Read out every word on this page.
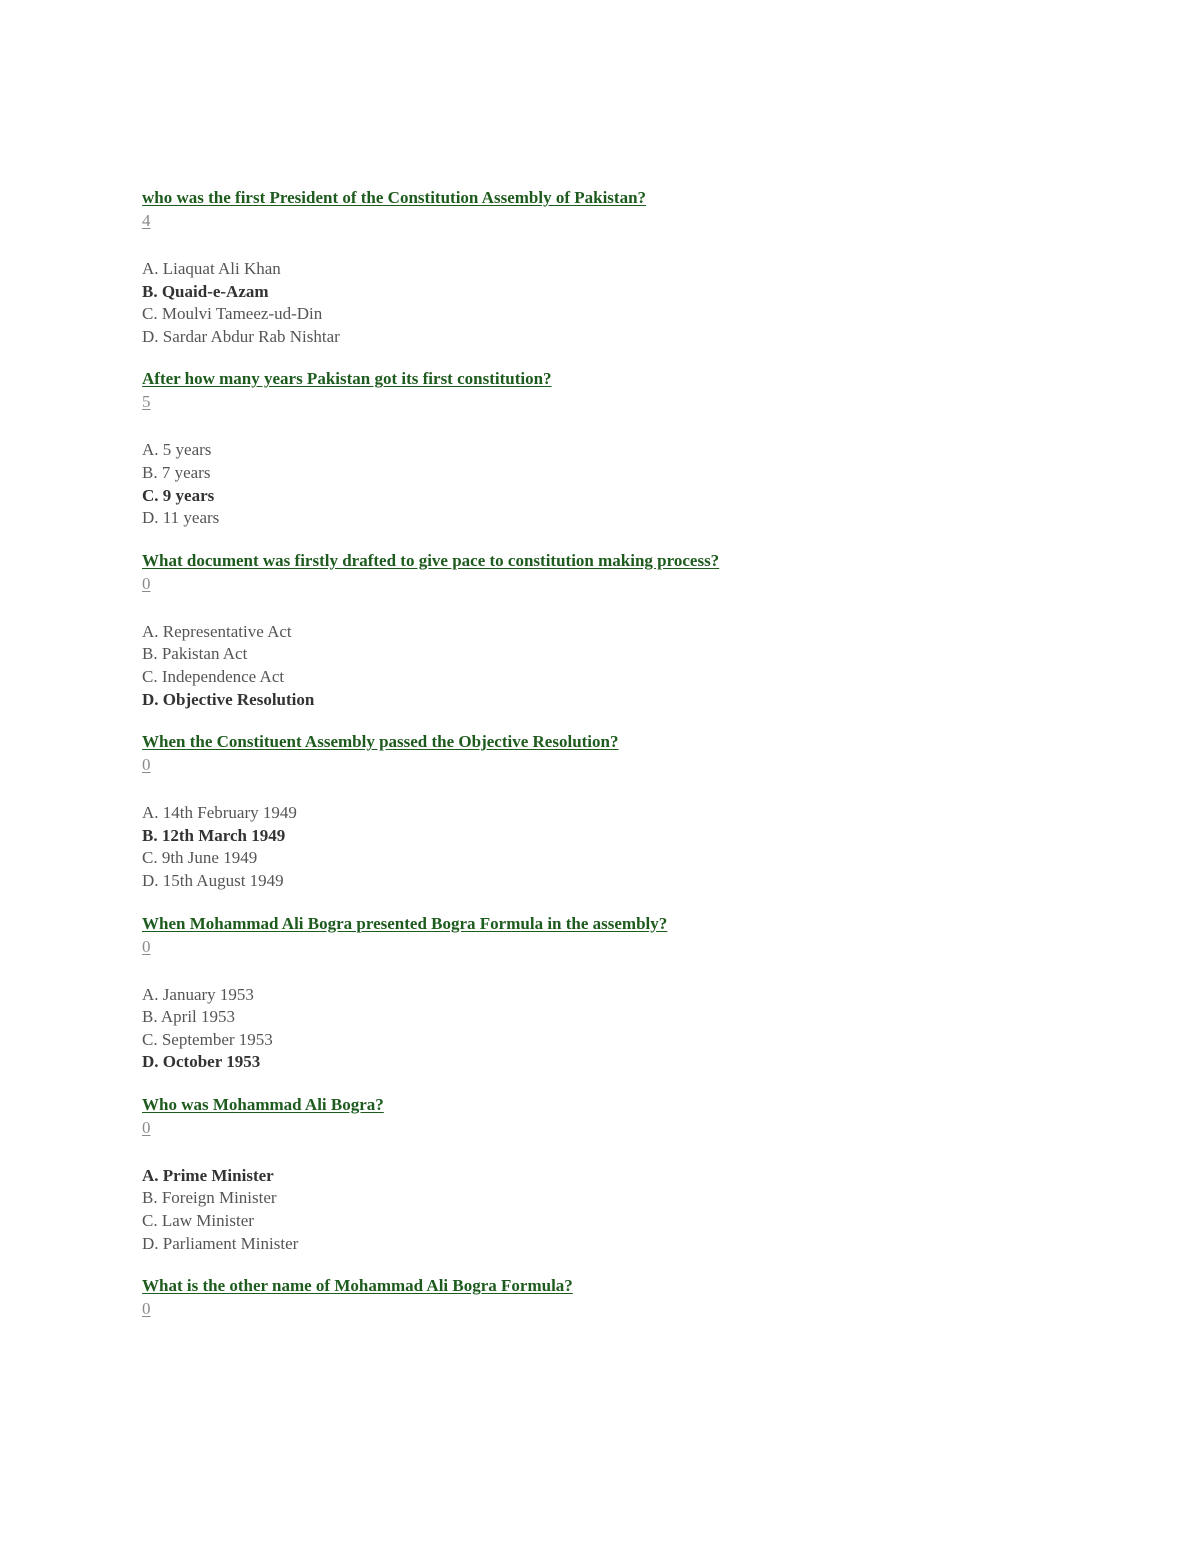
who was the first President of the Constitution Assembly of Pakistan?
4
A. Liaquat Ali Khan
B. Quaid-e-Azam
C. Moulvi Tameez-ud-Din
D. Sardar Abdur Rab Nishtar
After how many years Pakistan got its first constitution?
5
A. 5 years
B. 7 years
C. 9 years
D. 11 years
What document was firstly drafted to give pace to constitution making process?
0
A. Representative Act
B. Pakistan Act
C. Independence Act
D. Objective Resolution
When the Constituent Assembly passed the Objective Resolution?
0
A. 14th February 1949
B. 12th March 1949
C. 9th June 1949
D. 15th August 1949
When Mohammad Ali Bogra presented Bogra Formula in the assembly?
0
A. January 1953
B. April 1953
C. September 1953
D. October 1953
Who was Mohammad Ali Bogra?
0
A. Prime Minister
B. Foreign Minister
C. Law Minister
D. Parliament Minister
What is the other name of Mohammad Ali Bogra Formula?
0
